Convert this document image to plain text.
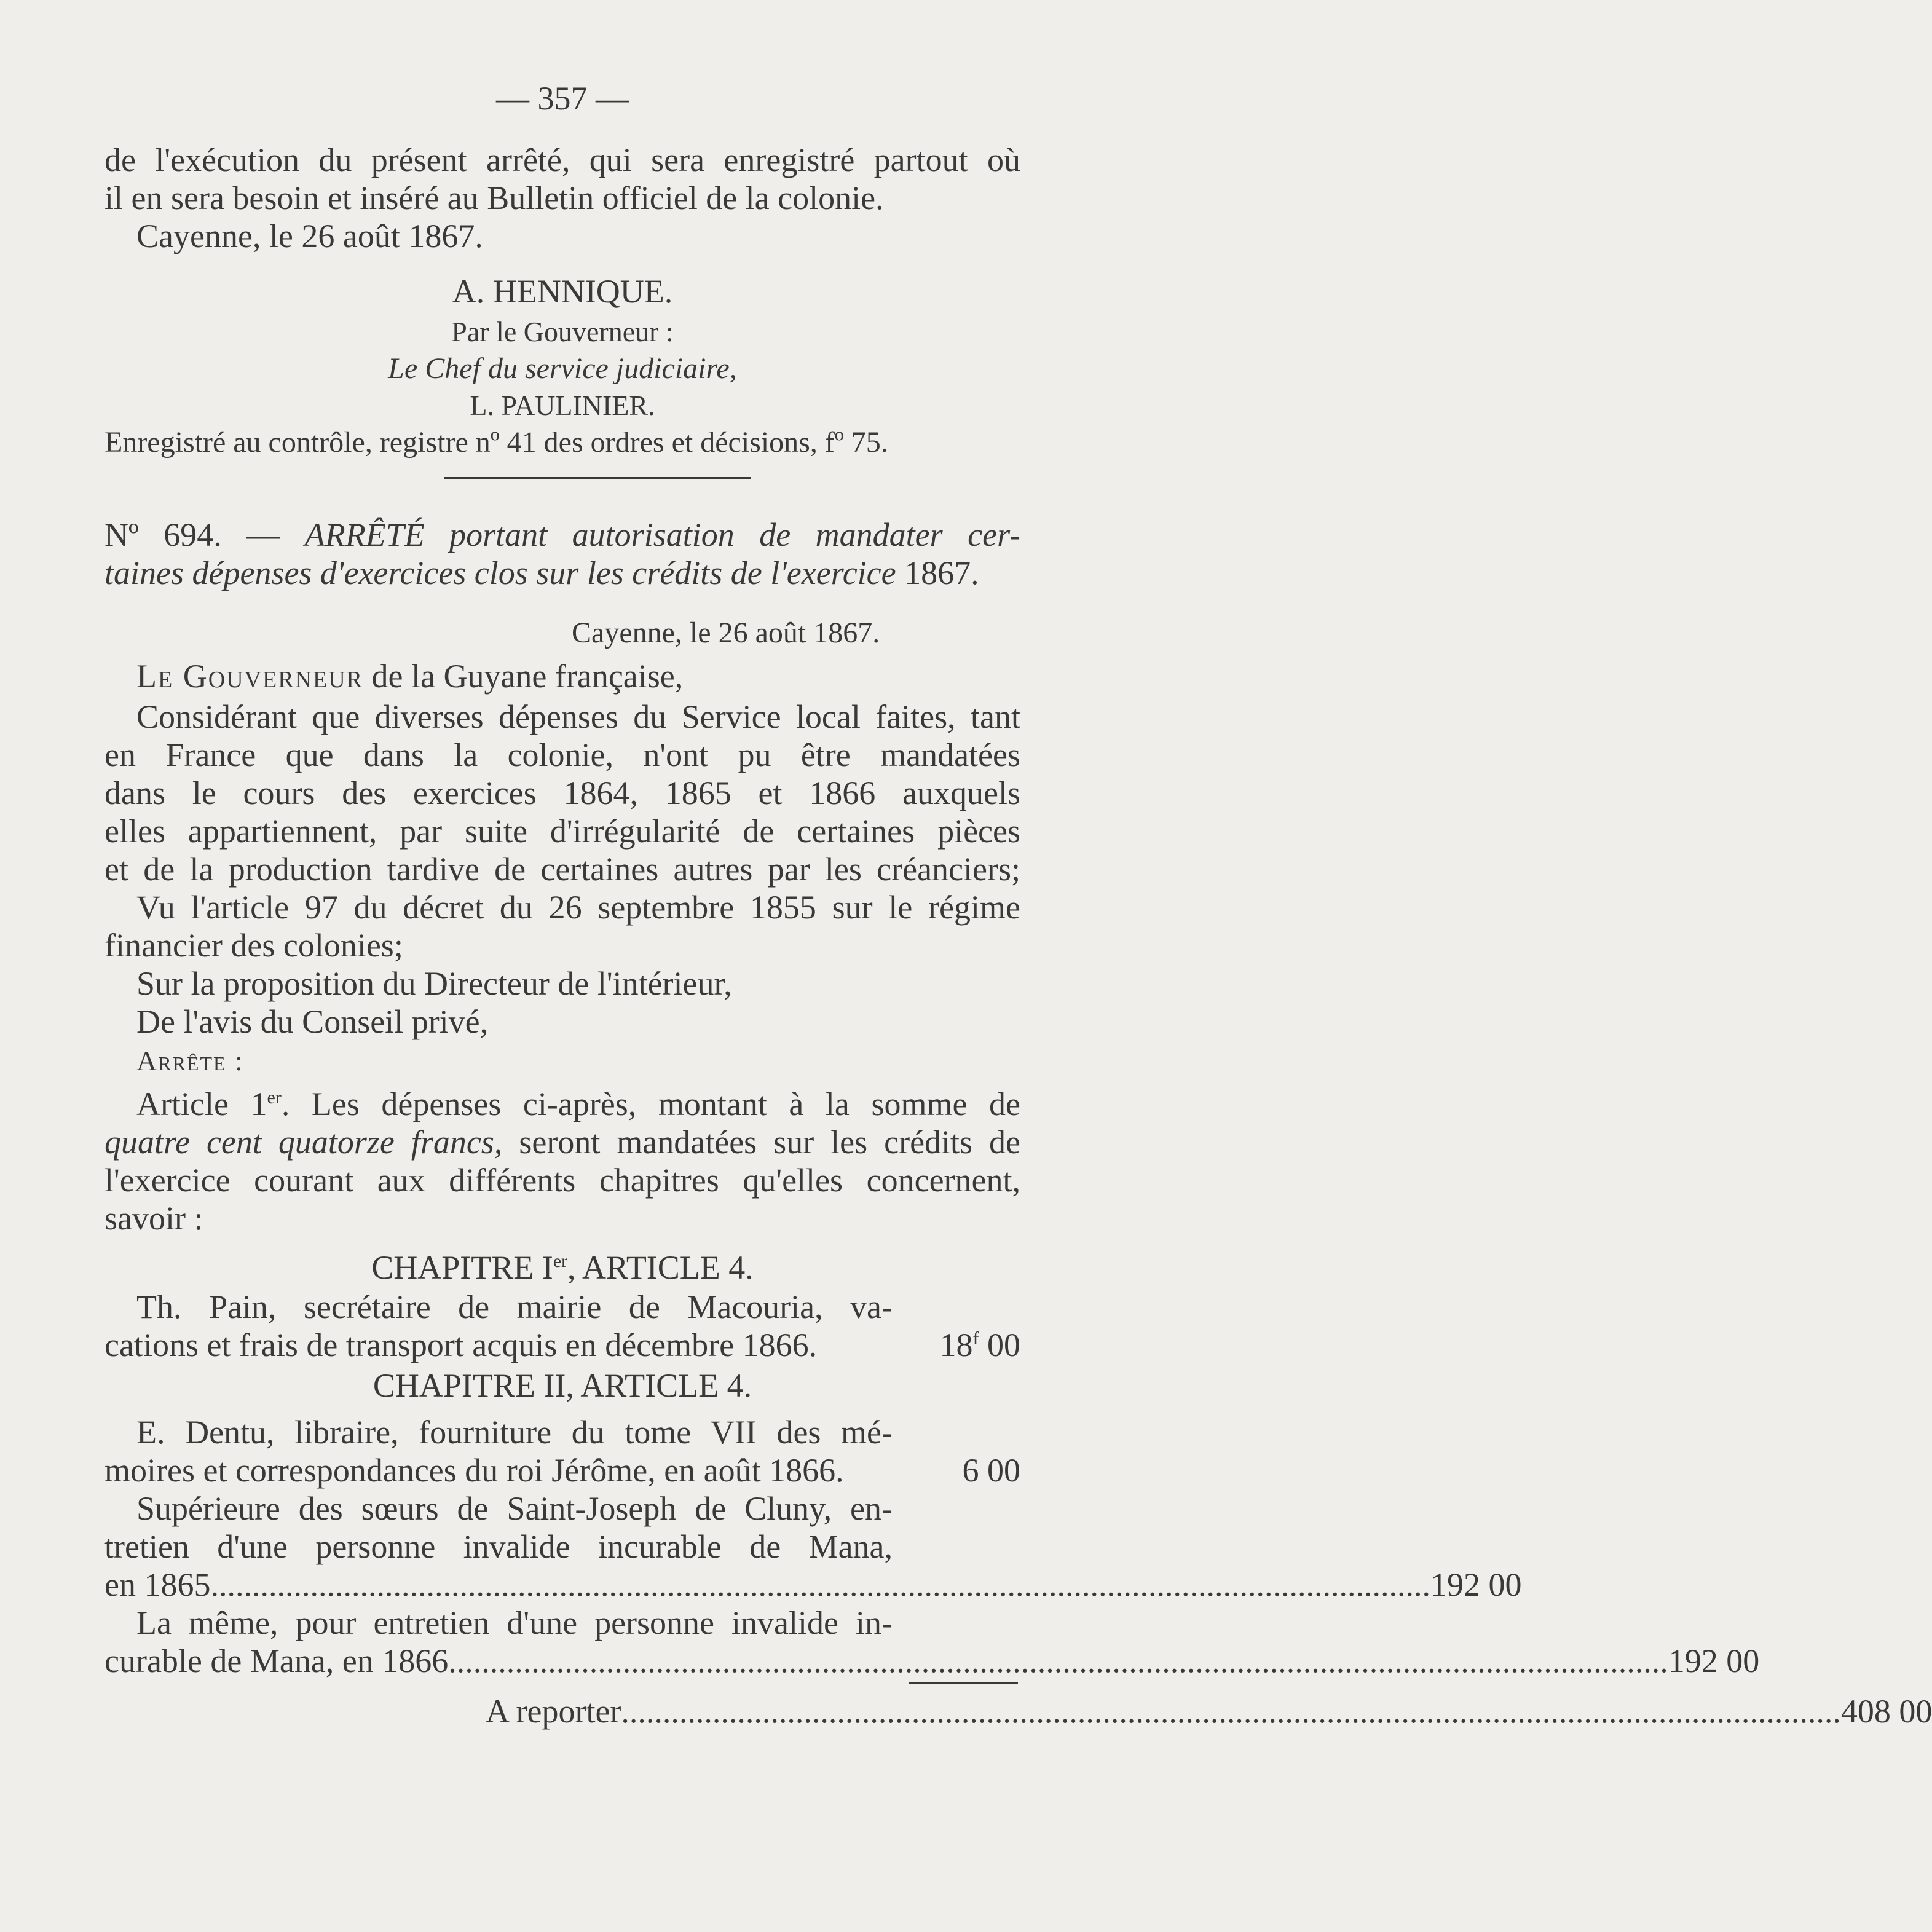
— 357 —
de l'exécution du présent arrêté, qui sera enregistré partout où
il en sera besoin et inséré au Bulletin officiel de la colonie.
Cayenne, le 26 août 1867.
A. HENNIQUE.
Par le Gouverneur :
Le Chef du service judiciaire,
L. PAULINIER.
Enregistré au contrôle, registre nº 41 des ordres et décisions, fº 75.
Nº 694. — ARRÊTÉ portant autorisation de mandater cer-
taines dépenses d'exercices clos sur les crédits de l'exercice 1867.
Cayenne, le 26 août 1867.
Le Gouverneur de la Guyane française,
Considérant que diverses dépenses du Service local faites, tant
en France que dans la colonie, n'ont pu être mandatées
dans le cours des exercices 1864, 1865 et 1866 auxquels
elles appartiennent, par suite d'irrégularité de certaines pièces
et de la production tardive de certaines autres par les créanciers;
Vu l'article 97 du décret du 26 septembre 1855 sur le régime
financier des colonies;
Sur la proposition du Directeur de l'intérieur,
De l'avis du Conseil privé,
Arrête :
Article 1er. Les dépenses ci-après, montant à la somme de
quatre cent quatorze francs, seront mandatées sur les crédits de
l'exercice courant aux différents chapitres qu'elles concernent,
savoir :
CHAPITRE Ier, ARTICLE 4.
Th. Pain, secrétaire de mairie de Macouria, va-
cations et frais de transport acquis en décembre 1866.	18$^f$ 00
CHAPITRE II, ARTICLE 4.
E. Dentu, libraire, fourniture du tome VII des mé-
moires et correspondances du roi Jérôme, en août 1866.	6 00
Supérieure des sœurs de Saint-Joseph de Cluny, en-
tretien d'une personne invalide incurable de Mana,
en 1865 ................................................................................................................................................... 192 00
La même, pour entretien d'une personne invalide in-
curable de Mana, en 1866 ................................................................................................................................................... 192 00
A reporter ................................................................................................................................................... 408 00
